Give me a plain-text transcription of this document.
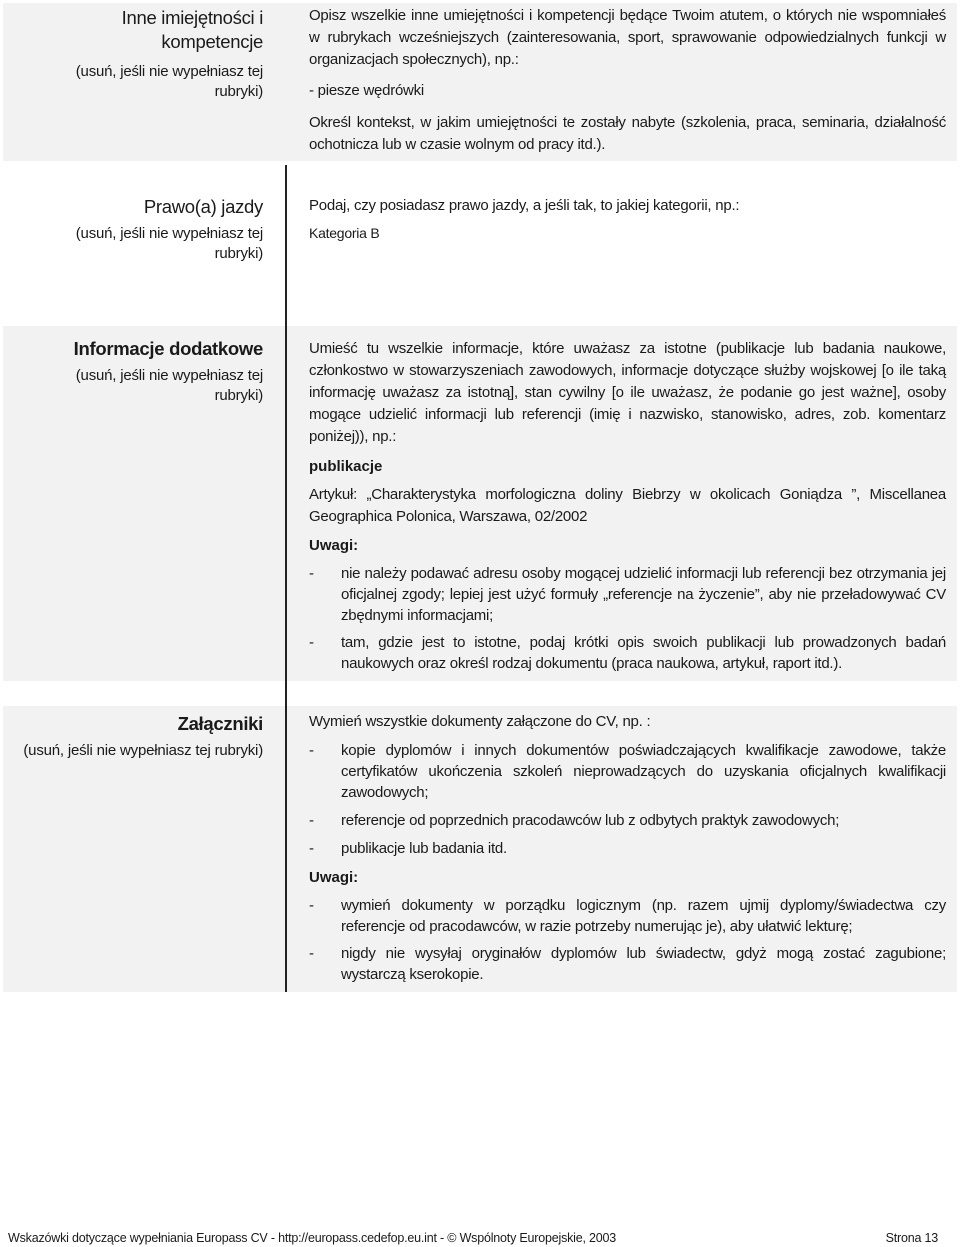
Inne imiejętności i
kompetencje
(usuń, jeśli nie wypełniasz tej rubryki)

Opisz wszelkie inne umiejętności i kompetencji będące Twoim atutem, o których nie wspomniałeś w rubrykach wcześniejszych (zainteresowania, sport, sprawowanie odpowiedzialnych funkcji w organizacjach społecznych), np.:

- piesze wędrówki

Określ kontekst, w jakim umiejętności te zostały nabyte (szkolenia, praca, seminaria, działalność ochotnicza lub w czasie wolnym od pracy itd.).

Prawo(a) jazdy
(usuń, jeśli nie wypełniasz tej rubryki)

Podaj, czy posiadasz prawo jazdy, a jeśli tak, to jakiej kategorii, np.:

Kategoria B

Informacje dodatkowe
(usuń, jeśli nie wypełniasz tej rubryki)

Umieść tu wszelkie informacje, które uważasz za istotne (publikacje lub badania naukowe, członkostwo w stowarzyszeniach zawodowych, informacje dotyczące służby wojskowej [o ile taką informację uważasz za istotną], stan cywilny [o ile uważasz, że podanie go jest ważne], osoby mogące udzielić informacji lub referencji (imię i nazwisko, stanowisko, adres, zob. komentarz poniżej)), np.:

publikacje

Artykuł: „Charakterystyka morfologiczna doliny Biebrzy w okolicach Goniądza ”, Miscellanea Geographica Polonica, Warszawa, 02/2002

Uwagi:

- nie należy podawać adresu osoby mogącej udzielić informacji lub referencji bez otrzymania jej oficjalnej zgody; lepiej jest użyć formuły „referencje na życzenie”, aby nie przeładowywać CV zbędnymi informacjami;
- tam, gdzie jest to istotne, podaj krótki opis swoich publikacji lub prowadzonych badań naukowych oraz określ rodzaj dokumentu (praca naukowa, artykuł, raport itd.).
Załączniki
(usuń, jeśli nie wypełniasz tej rubryki)

Wymień wszystkie dokumenty załączone do CV, np. :

- kopie dyplomów i innych dokumentów poświadczających kwalifikacje zawodowe, także certyfikatów ukończenia szkoleń nieprowadzących do uzyskania oficjalnych kwalifikacji zawodowych;
- referencje od poprzednich pracodawców lub z odbytych praktyk zawodowych;
- publikacje lub badania itd.

Uwagi:

- wymień dokumenty w porządku logicznym (np. razem ujmij dyplomy/świadectwa czy referencje od pracodawców, w razie potrzeby numerując je), aby ułatwić lekturę;
- nigdy nie wysyłaj oryginałów dyplomów lub świadectw, gdyż mogą zostać zagubione; wystarczą kserokopie.
Wskazówki dotyczące wypełniania Europass CV - http://europass.cedefop.eu.int - © Wspólnoty Europejskie, 2003	Strona 13
